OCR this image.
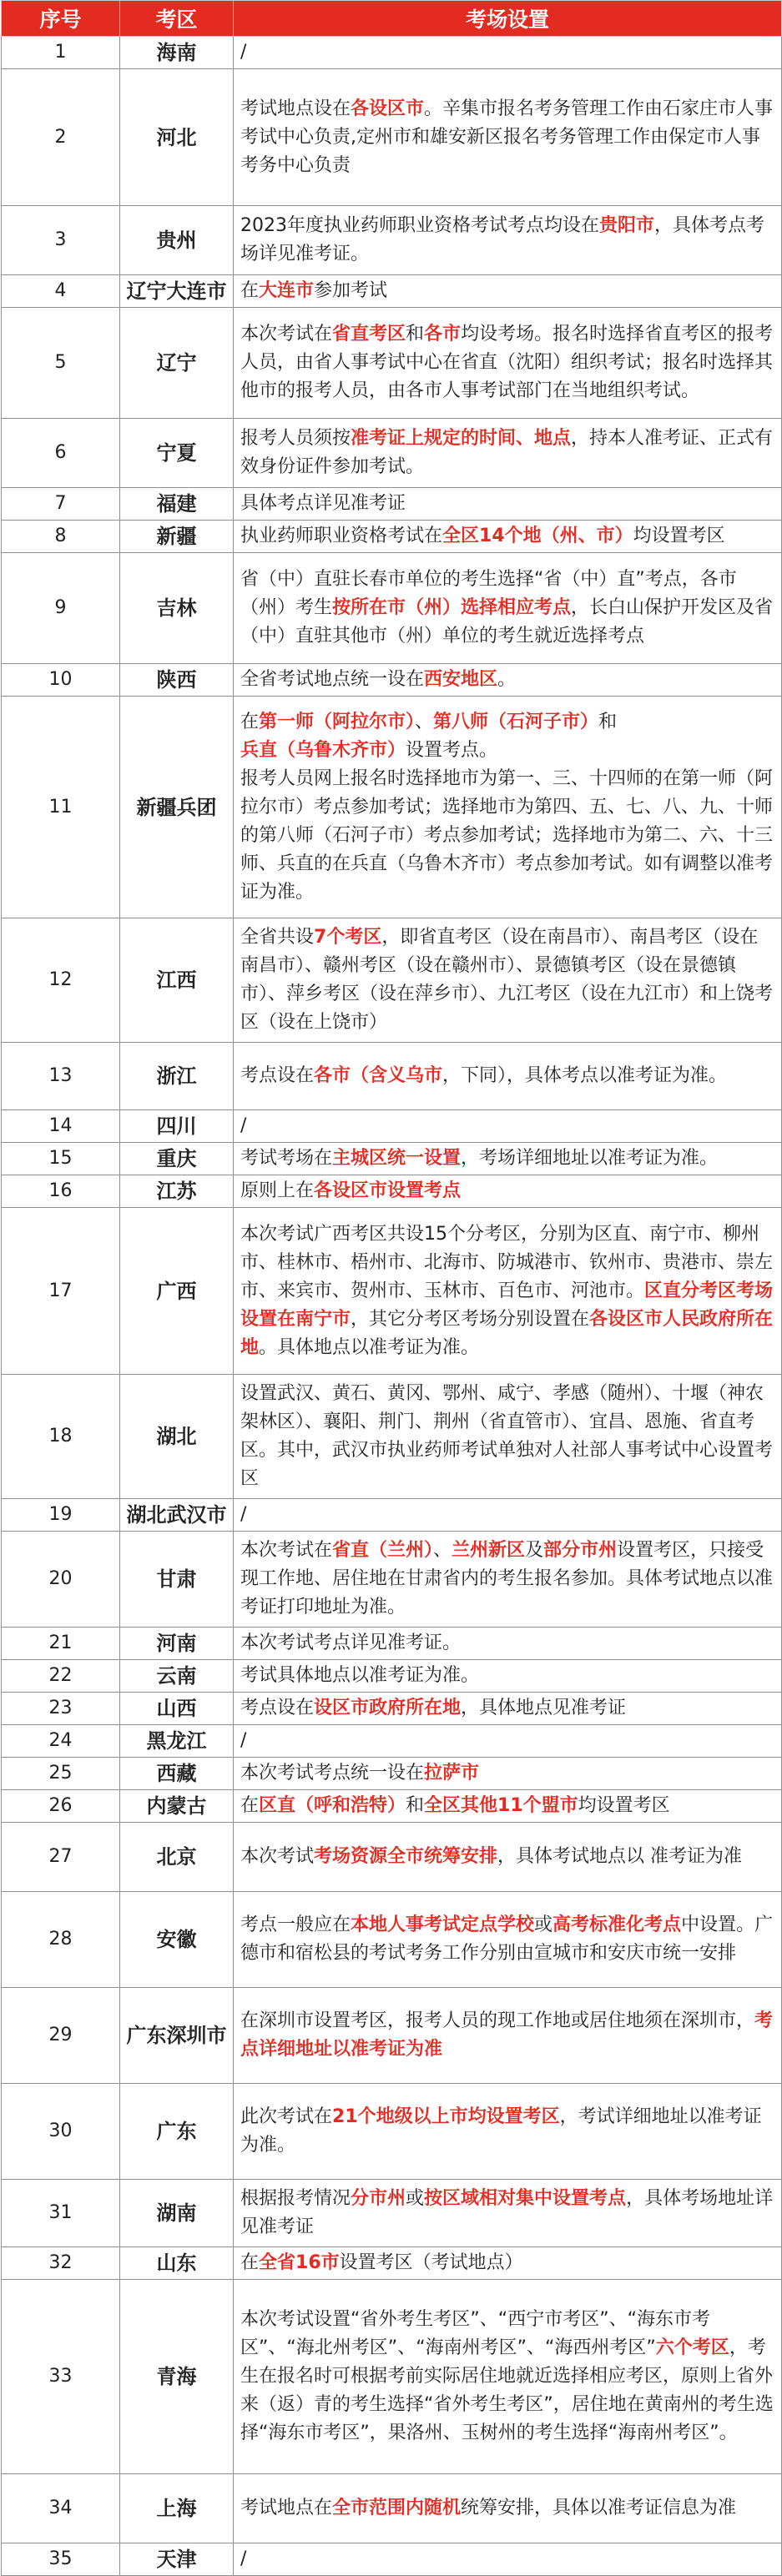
序号	考区	考场设置
1	海南	/
2	河北	考试地点设在各设区市。辛集市报名考务管理工作由石家庄市人事考试中心负责,定州市和雄安新区报名考务管理工作由保定市人事考务中心负责
3	贵州	2023年度执业药师职业资格考试考点均设在贵阳市，具体考点考场详见准考证。
4	辽宁大连市	在大连市参加考试
5	辽宁	本次考试在省直考区和各市均设考场。报名时选择省直考区的报考人员，由省人事考试中心在省直（沈阳）组织考试；报名时选择其他市的报考人员，由各市人事考试部门在当地组织考试。
6	宁夏	报考人员须按准考证上规定的时间、地点，持本人准考证、正式有效身份证件参加考试。
7	福建	具体考点详见准考证
8	新疆	执业药师职业资格考试在全区14个地（州、市）均设置考区
9	吉林	省（中）直驻长春市单位的考生选择“省（中）直”考点，各市（州）考生按所在市（州）选择相应考点，长白山保护开发区及省（中）直驻其他市（州）单位的考生就近选择考点
10	陕西	全省考试地点统一设在西安地区。
11	新疆兵团	在第一师（阿拉尔市）、第八师（石河子市）和兵直（乌鲁木齐市）设置考点。
报考人员网上报名时选择地市为第一、三、十四师的在第一师（阿拉尔市）考点参加考试；选择地市为第四、五、七、八、九、十师的第八师（石河子市）考点参加考试；选择地市为第二、六、十三师、兵直的在兵直（乌鲁木齐市）考点参加考试。如有调整以准考证为准。
12	江西	全省共设7个考区，即省直考区（设在南昌市）、南昌考区（设在南昌市）、赣州考区（设在赣州市）、景德镇考区（设在景德镇市）、萍乡考区（设在萍乡市）、九江考区（设在九江市）和上饶考区（设在上饶市）
13	浙江	考点设在各市（含义乌市，下同），具体考点以准考证为准。
14	四川	/
15	重庆	考试考场在主城区统一设置，考场详细地址以准考证为准。
16	江苏	原则上在各设区市设置考点
17	广西	本次考试广西考区共设15个分考区，分别为区直、南宁市、柳州市、桂林市、梧州市、北海市、防城港市、钦州市、贵港市、崇左市、来宾市、贺州市、玉林市、百色市、河池市。区直分考区考场设置在南宁市，其它分考区考场分别设置在各设区市人民政府所在地。具体地点以准考证为准。
18	湖北	设置武汉、黄石、黄冈、鄂州、咸宁、孝感（随州）、十堰（神农架林区）、襄阳、荆门、荆州（省直管市）、宜昌、恩施、省直考区。其中，武汉市执业药师考试单独对人社部人事考试中心设置考区
19	湖北武汉市	/
20	甘肃	本次考试在省直（兰州）、兰州新区及部分市州设置考区，只接受现工作地、居住地在甘肃省内的考生报名参加。具体考试地点以准考证打印地址为准。
21	河南	本次考试考点详见准考证。
22	云南	考试具体地点以准考证为准。
23	山西	考点设在设区市政府所在地，具体地点见准考证
24	黑龙江	/
25	西藏	本次考试考点统一设在拉萨市
26	内蒙古	在区直（呼和浩特）和全区其他11个盟市均设置考区
27	北京	本次考试考场资源全市统筹安排，具体考试地点以 准考证为准
28	安徽	考点一般应在本地人事考试定点学校或高考标准化考点中设置。广德市和宿松县的考试考务工作分别由宣城市和安庆市统一安排
29	广东深圳市	在深圳市设置考区，报考人员的现工作地或居住地须在深圳市，考点详细地址以准考证为准
30	广东	此次考试在21个地级以上市均设置考区，考试详细地址以准考证为准。
31	湖南	根据报考情况分市州或按区域相对集中设置考点，具体考场地址详见准考证
32	山东	在全省16市设置考区（考试地点）
33	青海	本次考试设置“省外考生考区”、“西宁市考区”、“海东市考区”、“海北州考区”、“海南州考区”、“海西州考区”六个考区，考生在报名时可根据考前实际居住地就近选择相应考区，原则上省外来（返）青的考生选择“省外考生考区”，居住地在黄南州的考生选择“海东市考区”，果洛州、玉树州的考生选择“海南州考区”。
34	上海	考试地点在全市范围内随机统筹安排，具体以准考证信息为准
35	天津	/
